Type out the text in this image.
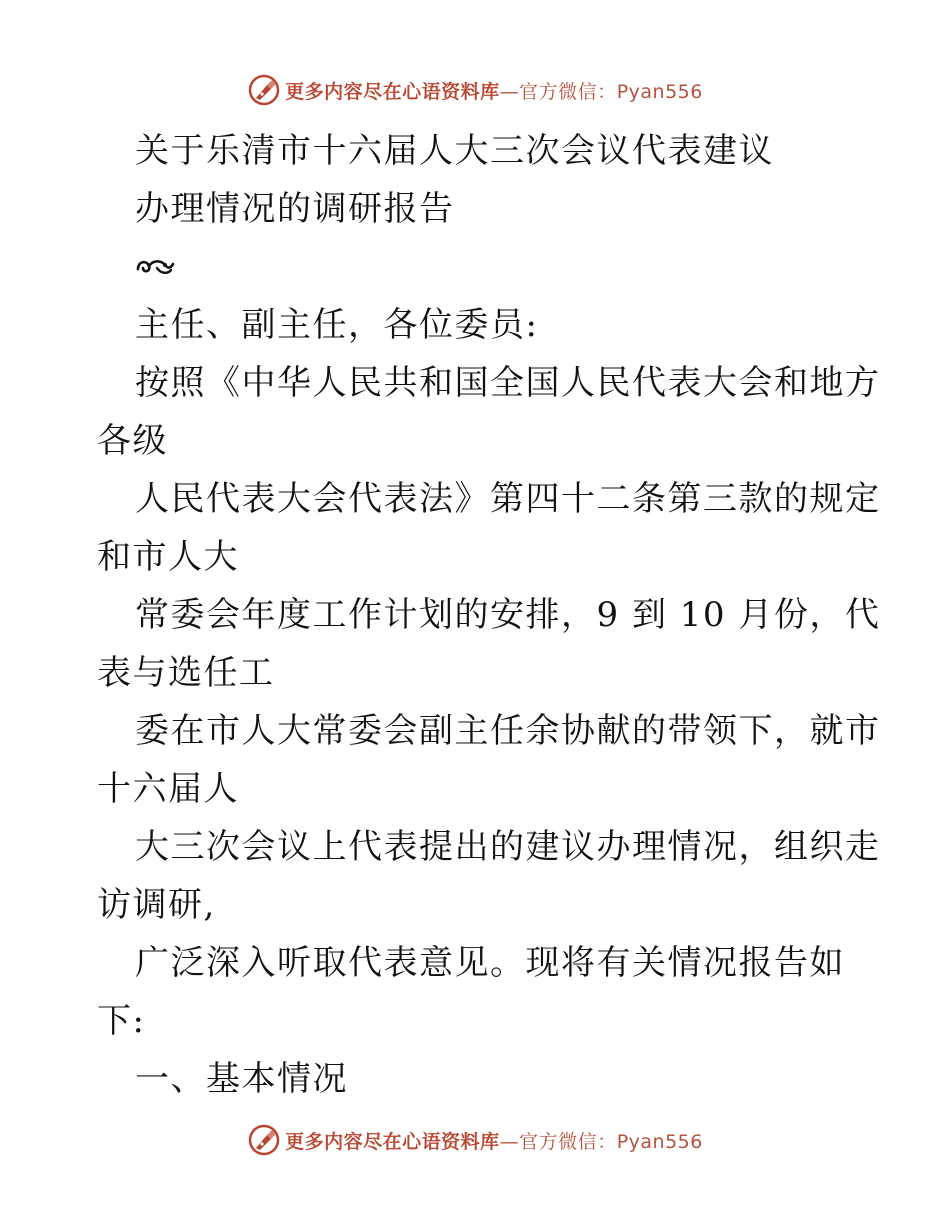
更多内容尽在心语资料库—官方微信：Pyan556
关于乐清市十六届人大三次会议代表建议
办理情况的调研报告
主任、副主任，各位委员:
按照《中华人民共和国全国人民代表大会和地方
各级
人民代表大会代表法》第四十二条第三款的规定
和市人大
常委会年度工作计划的安排，9 到 10 月份，代
表与选任工
委在市人大常委会副主任余协献的带领下，就市
十六届人
大三次会议上代表提出的建议办理情况，组织走
访调研,
广泛深入听取代表意见。现将有关情况报告如
下:
一、基本情况
更多内容尽在心语资料库—官方微信：Pyan556
